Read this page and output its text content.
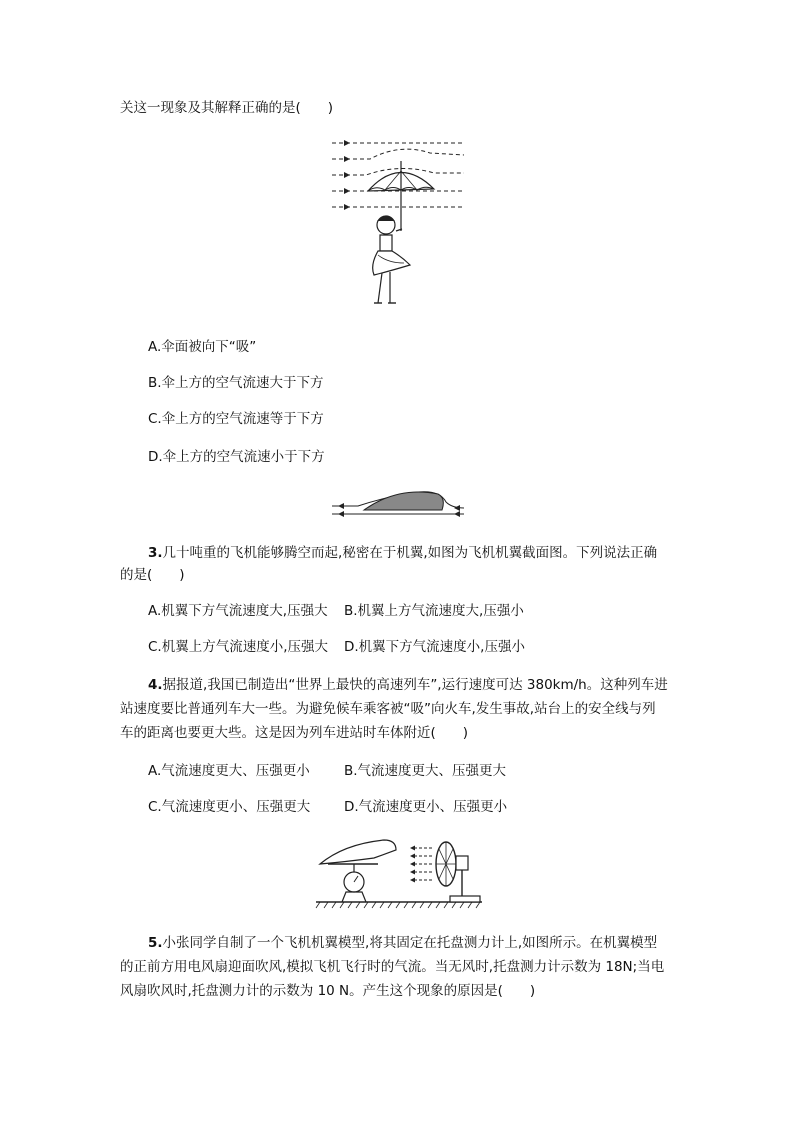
关这一现象及其解释正确的是(　　)
A.伞面被向下“吸”
B.伞上方的空气流速大于下方
C.伞上方的空气流速等于下方
D.伞上方的空气流速小于下方
3.几十吨重的飞机能够腾空而起,秘密在于机翼,如图为飞机机翼截面图。下列说法正确
的是(　　)
A.机翼下方气流速度大,压强大 B.机翼上方气流速度大,压强小
C.机翼上方气流速度小,压强大 D.机翼下方气流速度小,压强小
4.据报道,我国已制造出“世界上最快的高速列车”,运行速度可达 380km/h。这种列车进
站速度要比普通列车大一些。为避免候车乘客被“吸”向火车,发生事故,站台上的安全线与列
车的距离也要更大些。这是因为列车进站时车体附近(　　)
A.气流速度更大、压强更小	B.气流速度更大、压强更大
C.气流速度更小、压强更大	D.气流速度更小、压强更小
5.小张同学自制了一个飞机机翼模型,将其固定在托盘测力计上,如图所示。在机翼模型
的正前方用电风扇迎面吹风,模拟飞机飞行时的气流。当无风时,托盘测力计示数为 18N;当电
风扇吹风时,托盘测力计的示数为 10 N。产生这个现象的原因是(　　)
